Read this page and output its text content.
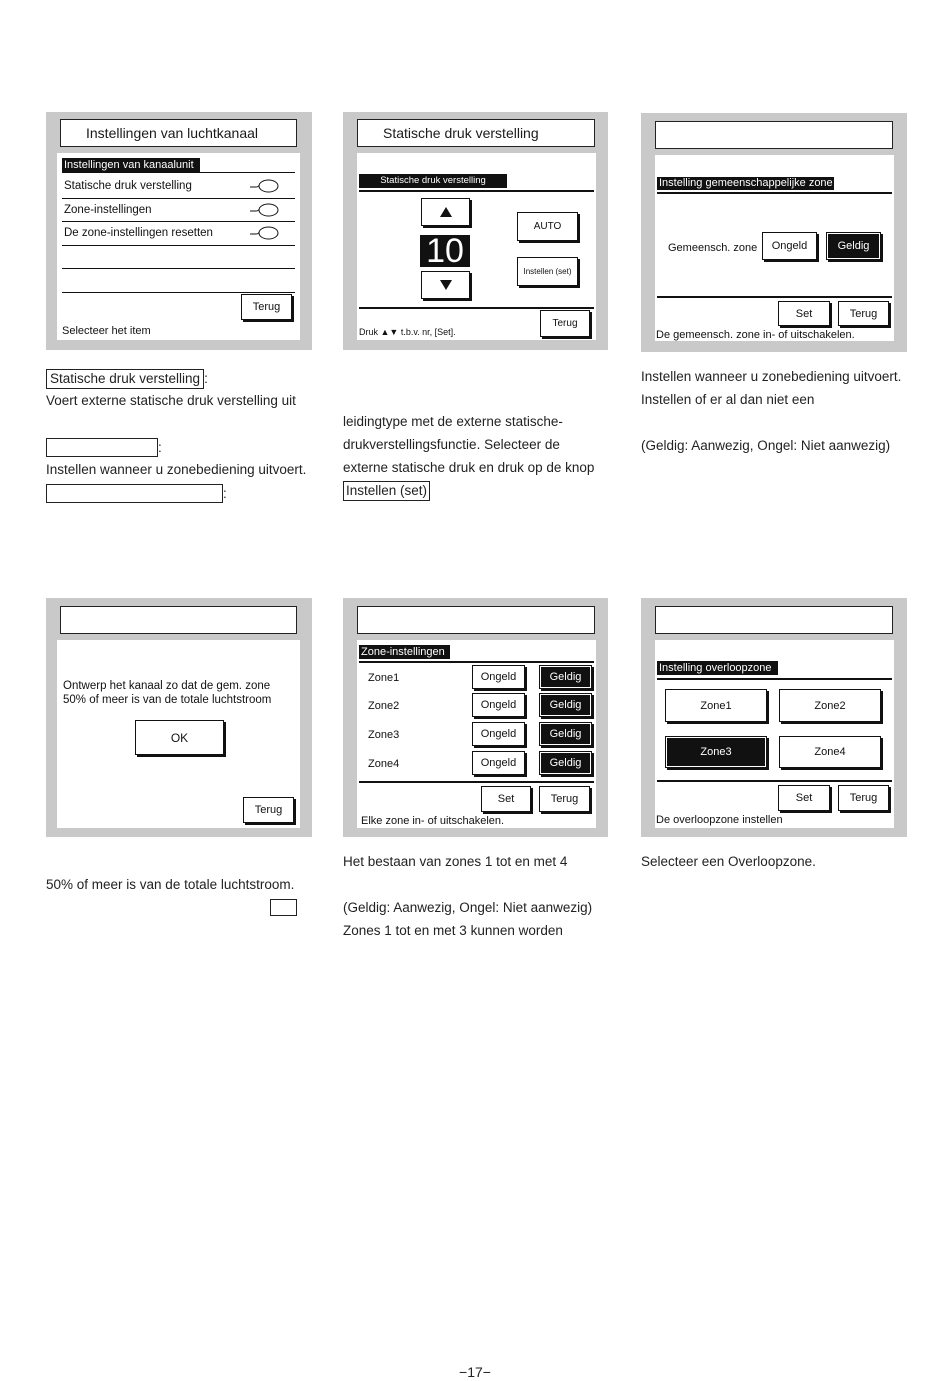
Instellingen van luchtkanaal
Instellingen van kanaalunit
Statische druk verstelling
Zone-instellingen
De zone-instellingen resetten
Terug
Selecteer het item
Statische druk verstelling
Statische druk verstelling
10
AUTO
Instellen (set)
Terug
Druk ▲▼ t.b.v. nr, [Set].
Instelling gemeenschappelijke zone
Gemeensch. zone	Ongeld	Geldig
Set	Terug
De gemeensch. zone in- of uitschakelen.
Statische druk verstelling :
Voert externe statische druk verstelling uit
:
Instellen wanneer u zonebediening uitvoert.
:
leidingtype met de externe statische-
drukverstellingsfunctie. Selecteer de
externe statische druk en druk op de knop
Instellen (set)
Instellen wanneer u zonebediening uitvoert.
Instellen of er al dan niet een
(Geldig: Aanwezig, Ongel: Niet aanwezig)
Ontwerp het kanaal zo dat de gem. zone
50% of meer is van de totale luchtstroom
OK
Terug
Zone-instellingen
Zone1	Ongeld	Geldig
Zone2	Ongeld	Geldig
Zone3	Ongeld	Geldig
Zone4	Ongeld	Geldig
Set	Terug
Elke zone in- of uitschakelen.
Instelling overloopzone
Zone1	Zone2
Zone3	Zone4
Set	Terug
De overloopzone instellen
50% of meer is van de totale luchtstroom.
Het bestaan van zones 1 tot en met 4
(Geldig: Aanwezig, Ongel: Niet aanwezig)
Zones 1 tot en met 3 kunnen worden
Selecteer een Overloopzone.
−17−
